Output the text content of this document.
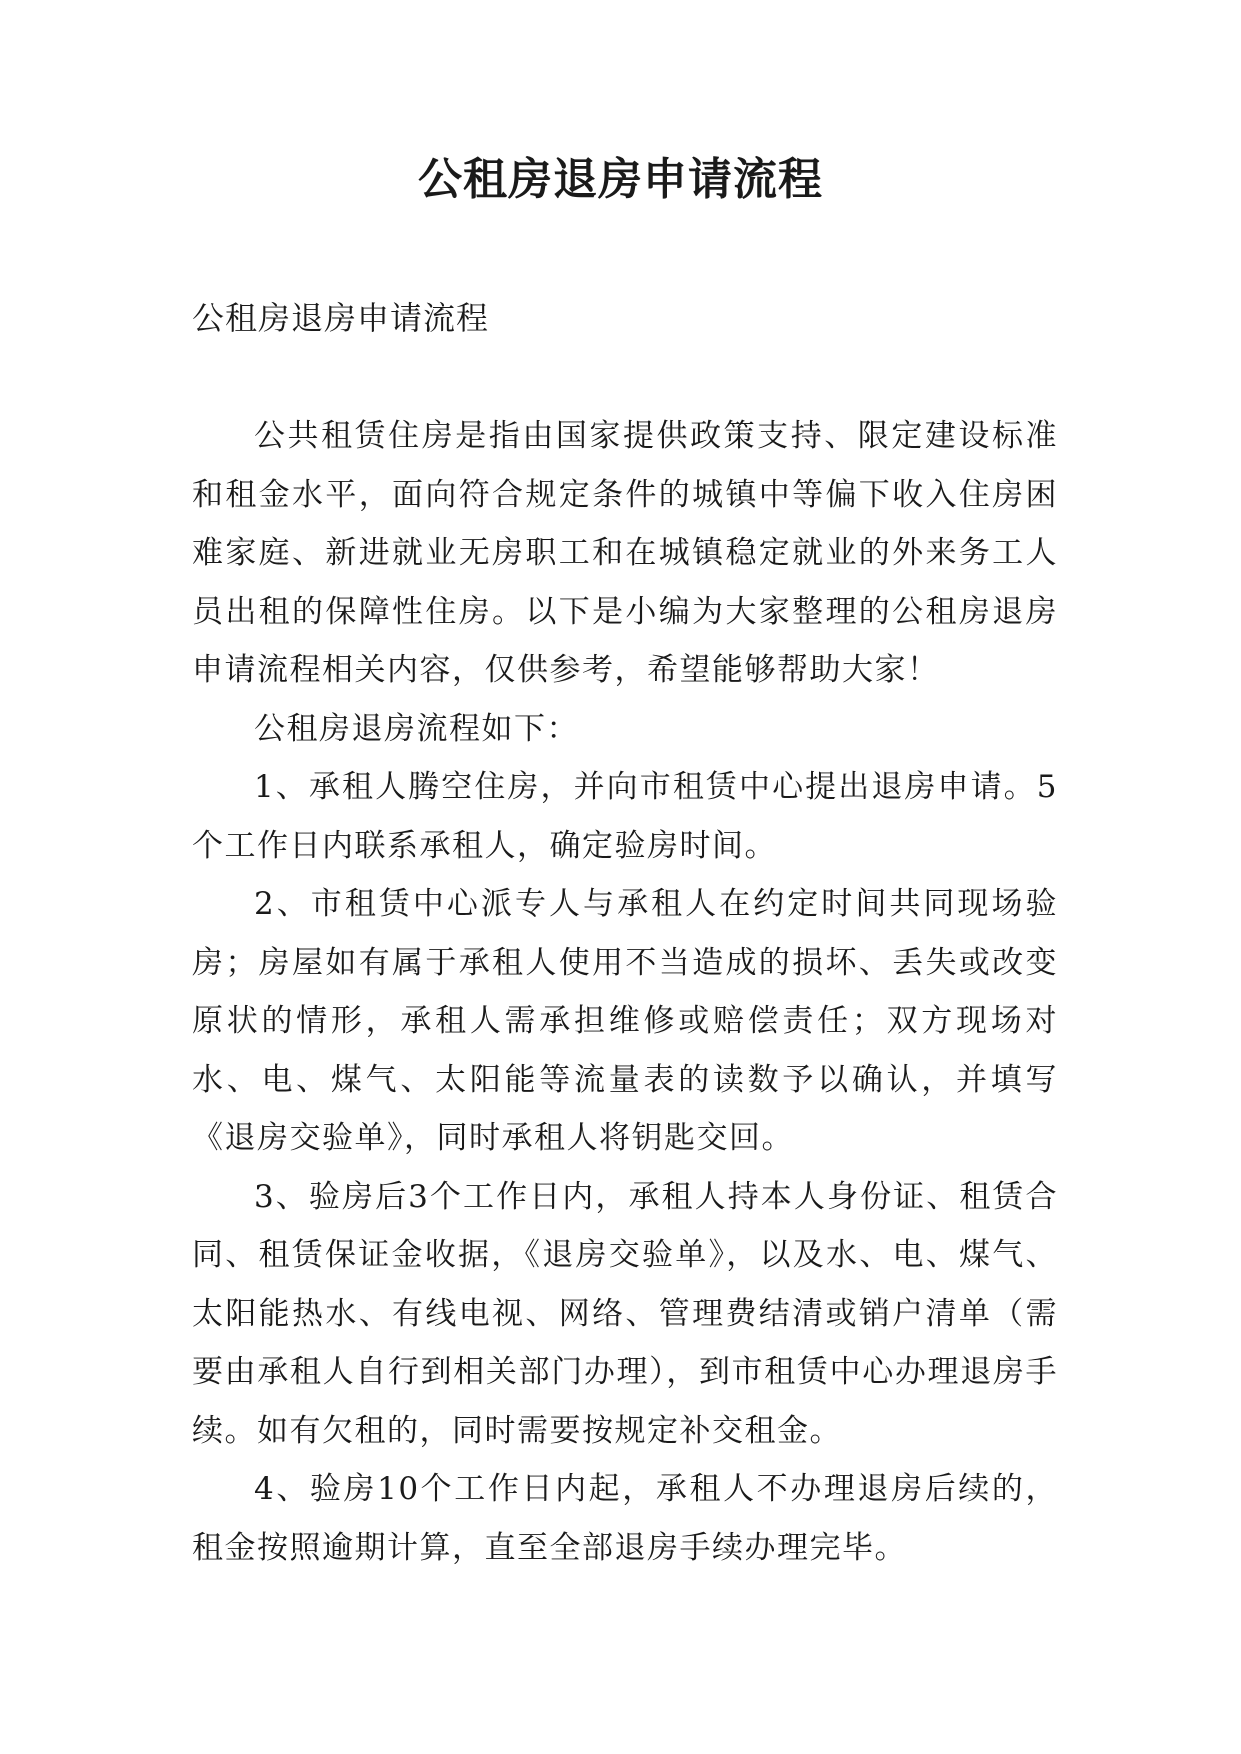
公租房退房申请流程
公租房退房申请流程

公共租赁住房是指由国家提供政策支持、限定建设标准和租金水平，面向符合规定条件的城镇中等偏下收入住房困难家庭、新进就业无房职工和在城镇稳定就业的外来务工人员出租的保障性住房。以下是小编为大家整理的公租房退房申请流程相关内容，仅供参考，希望能够帮助大家！

公租房退房流程如下：

1、承租人腾空住房，并向市租赁中心提出退房申请。5个工作日内联系承租人，确定验房时间。

2、市租赁中心派专人与承租人在约定时间共同现场验房；房屋如有属于承租人使用不当造成的损坏、丢失或改变原状的情形，承租人需承担维修或赔偿责任；双方现场对水、电、煤气、太阳能等流量表的读数予以确认，并填写《退房交验单》，同时承租人将钥匙交回。

3、验房后3个工作日内，承租人持本人身份证、租赁合同、租赁保证金收据，《退房交验单》，以及水、电、煤气、太阳能热水、有线电视、网络、管理费结清或销户清单（需要由承租人自行到相关部门办理），到市租赁中心办理退房手续。如有欠租的，同时需要按规定补交租金。

4、验房10个工作日内起，承租人不办理退房后续的，租金按照逾期计算，直至全部退房手续办理完毕。
